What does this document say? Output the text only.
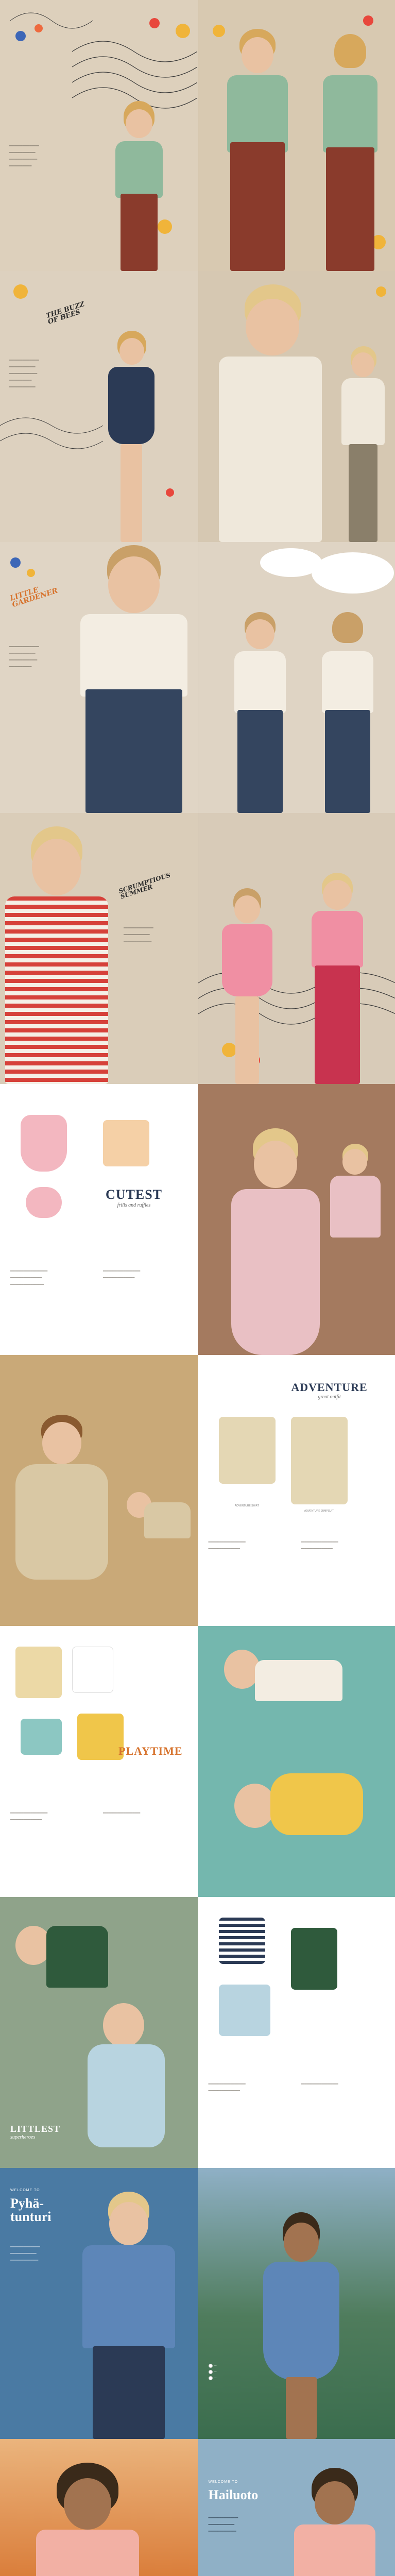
━━━━━━━━━━━━━━━━

━━━━━━━━━━━━━━

━━━━━━━━━━━━━━━

━━━━━━━━━━━━

THE BUZZ OF BEES

━━━━━━━━━━━━━━━━

━━━━━━━━━━━━━━

━━━━━━━━━━━━━━━

━━━━━━━━━━━━

━━━━━━━━━━━━━━

LITTLE GARDENER

━━━━━━━━━━━━━━━━

━━━━━━━━━━━━━━

━━━━━━━━━━━━━━━

━━━━━━━━━━━━

SCRUMPTIOUS SUMMER

━━━━━━━━━━━━━━━━

━━━━━━━━━━━━━━

━━━━━━━━━━━━━━━

CUTEST
frills and ruffles

━━━━━━━━━━━━━━━━━━━━

━━━━━━━━━━━━━━━━━

━━━━━━━━━━━━━━━━━━

━━━━━━━━━━━━━━━━━━━━

━━━━━━━━━━━━━━━━━

ADVENTURE
great outfit
ADVENTURE SHIRT
ADVENTURE JUMPSUIT

━━━━━━━━━━━━━━━━━━━━

━━━━━━━━━━━━━━━━━

━━━━━━━━━━━━━━━━━━━━

━━━━━━━━━━━━━━━━━

PLAYTIME

━━━━━━━━━━━━━━━━━━━━

━━━━━━━━━━━━━━━━━

━━━━━━━━━━━━━━━━━━━━

LITTLEST
superheroes

━━━━━━━━━━━━━━━━━━━━

━━━━━━━━━━━━━━━━━

━━━━━━━━━━━━━━━━━━━━

WELCOME TO
Pyhä-tunturi

━━━━━━━━━━━━━━━━

━━━━━━━━━━━━━━

━━━━━━━━━━━━━━━

—
—
—
WELCOME TO
Hailuoto

━━━━━━━━━━━━━━━━

━━━━━━━━━━━━━━

━━━━━━━━━━━━━━━
